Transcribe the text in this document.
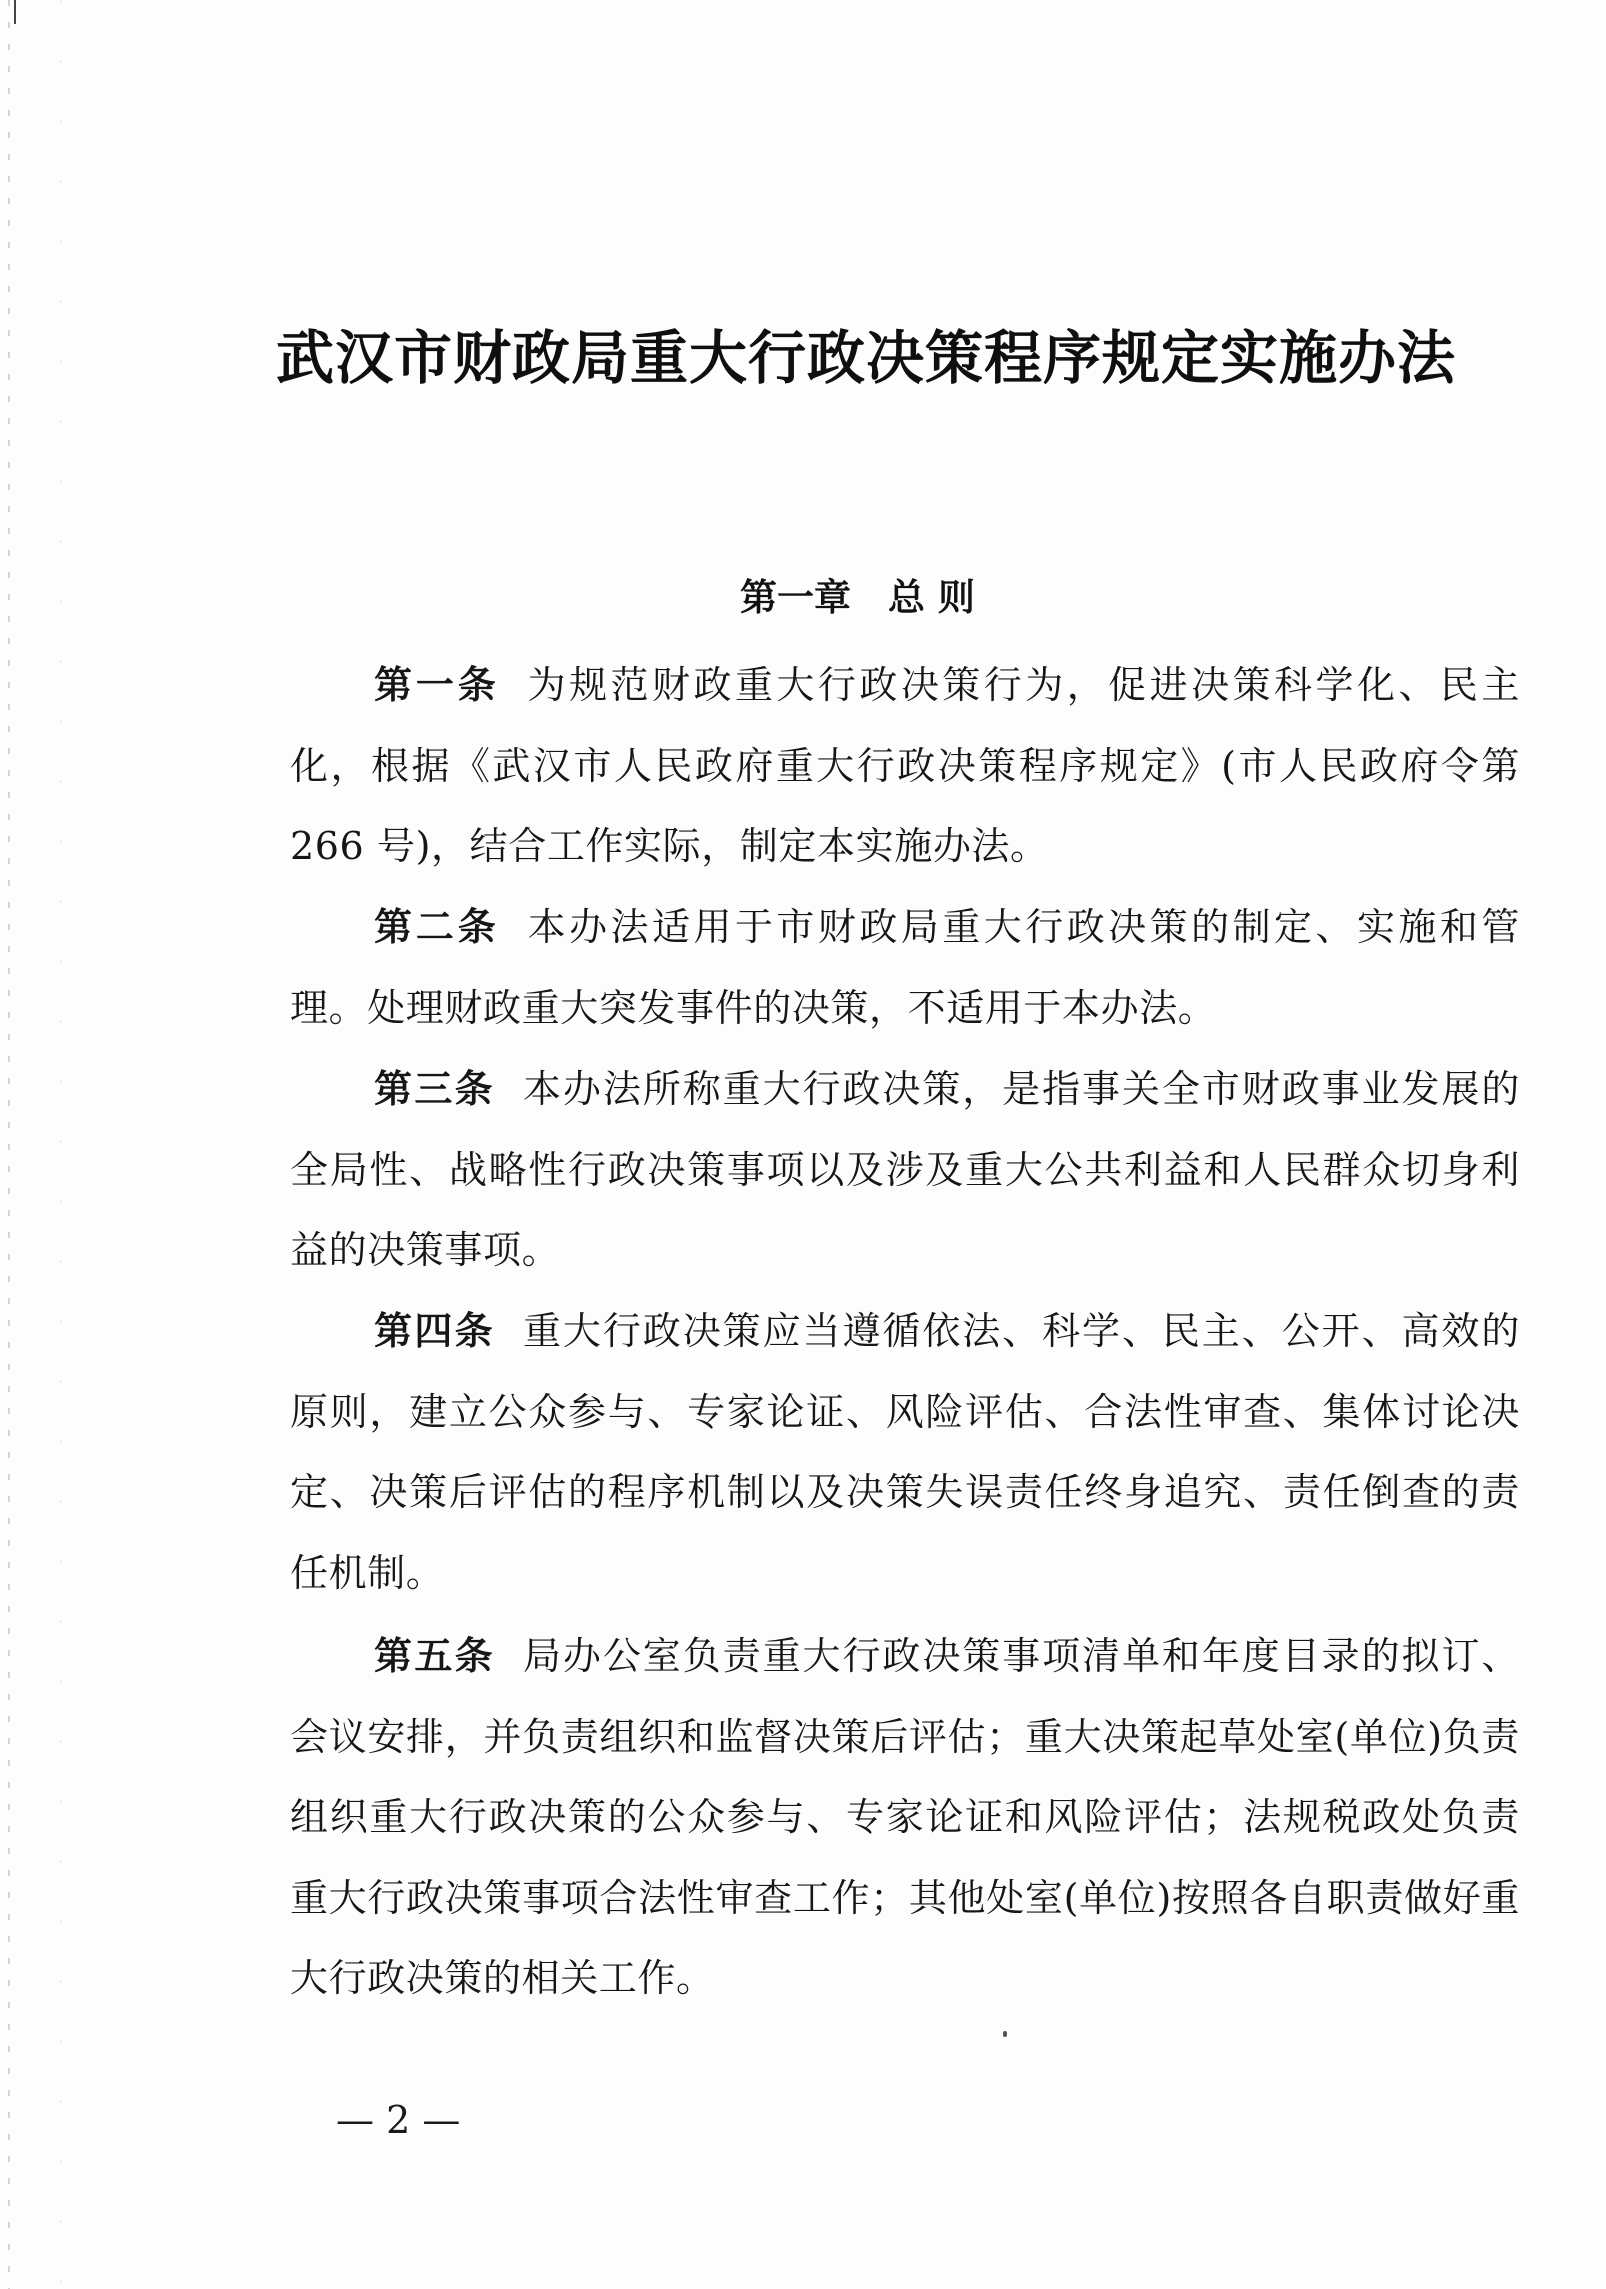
武汉市财政局重大行政决策程序规定实施办法
第一章　总 则
第一条 为规范财政重大行政决策行为，促进决策科学化、民主化，根据《武汉市人民政府重大行政决策程序规定》(市人民政府令第 266 号)，结合工作实际，制定本实施办法。
第二条 本办法适用于市财政局重大行政决策的制定、实施和管理。处理财政重大突发事件的决策，不适用于本办法。
第三条 本办法所称重大行政决策，是指事关全市财政事业发展的全局性、战略性行政决策事项以及涉及重大公共利益和人民群众切身利益的决策事项。
第四条 重大行政决策应当遵循依法、科学、民主、公开、高效的原则，建立公众参与、专家论证、风险评估、合法性审查、集体讨论决定、决策后评估的程序机制以及决策失误责任终身追究、责任倒查的责任机制。
第五条 局办公室负责重大行政决策事项清单和年度目录的拟订、会议安排，并负责组织和监督决策后评估；重大决策起草处室(单位)负责组织重大行政决策的公众参与、专家论证和风险评估；法规税政处负责重大行政决策事项合法性审查工作；其他处室(单位)按照各自职责做好重大行政决策的相关工作。
— 2 —
